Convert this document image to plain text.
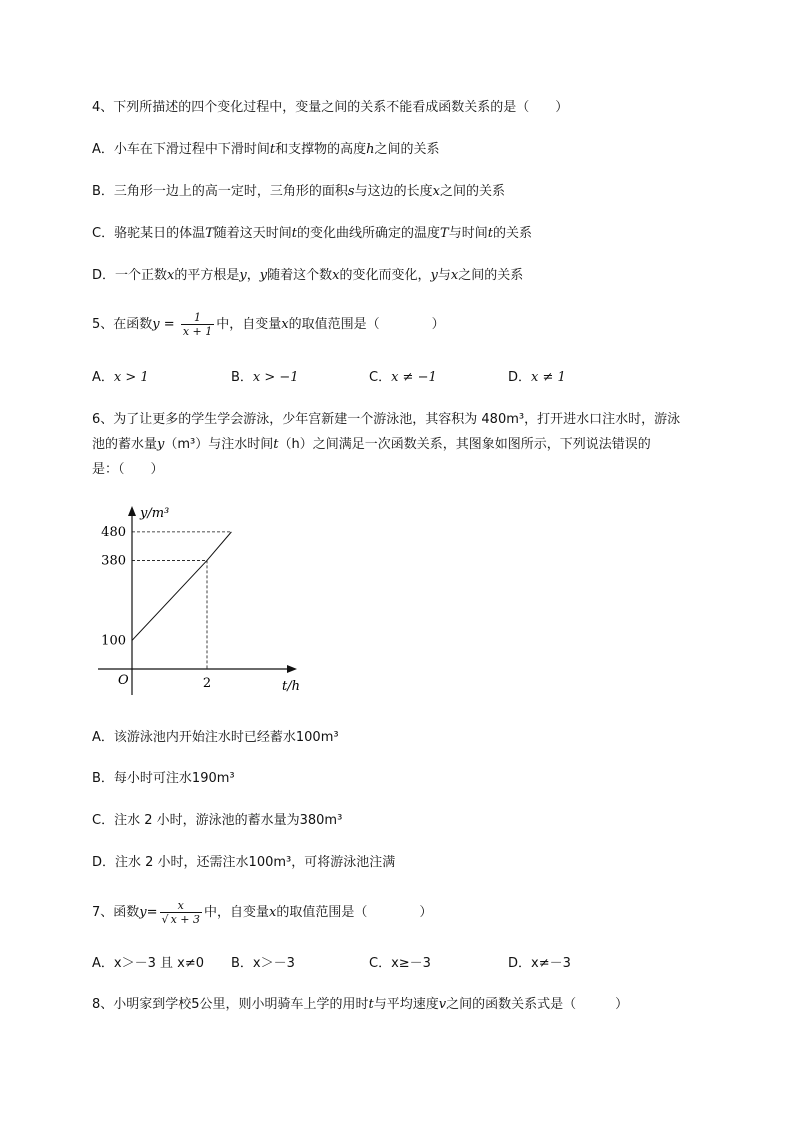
4、下列所描述的四个变化过程中，变量之间的关系不能看成函数关系的是（　　）
A．小车在下滑过程中下滑时间t和支撑物的高度h之间的关系
B．三角形一边上的高一定时，三角形的面积s与这边的长度x之间的关系
C．骆驼某日的体温T随着这天时间t的变化曲线所确定的温度T与时间t的关系
D．一个正数x的平方根是y，y随着这个数x的变化而变化，y与x之间的关系
5、在函数$y = \frac{1}{x + 1}$ 中，自变量x的取值范围是（　　　　）
A．x > 1	B．x > −1	C．x ≠ −1	D．x ≠ 1
6、为了让更多的学生学会游泳，少年宫新建一个游泳池，其容积为 480m³，打开进水口注水时，游泳
池的蓄水量y（m³）与注水时间t（h）之间满足一次函数关系，其图象如图所示，下列说法错误的
是：（　　）
y/m³
t/h
O
100
380
480
2
A．该游泳池内开始注水时已经蓄水100m³
B．每小时可注水190m³
C．注水 2 小时，游泳池的蓄水量为380m³
D．注水 2 小时，还需注水100m³，可将游泳池注满
7、函数$y= \frac{x}{√ x + 3}$ 中，自变量x的取值范围是（　　　　）
A．x＞－3 且 x≠0 B．x＞－3	C．x≥－3	D．x≠－3
8、小明家到学校5公里，则小明骑车上学的用时t与平均速度v之间的函数关系式是（　　　）
